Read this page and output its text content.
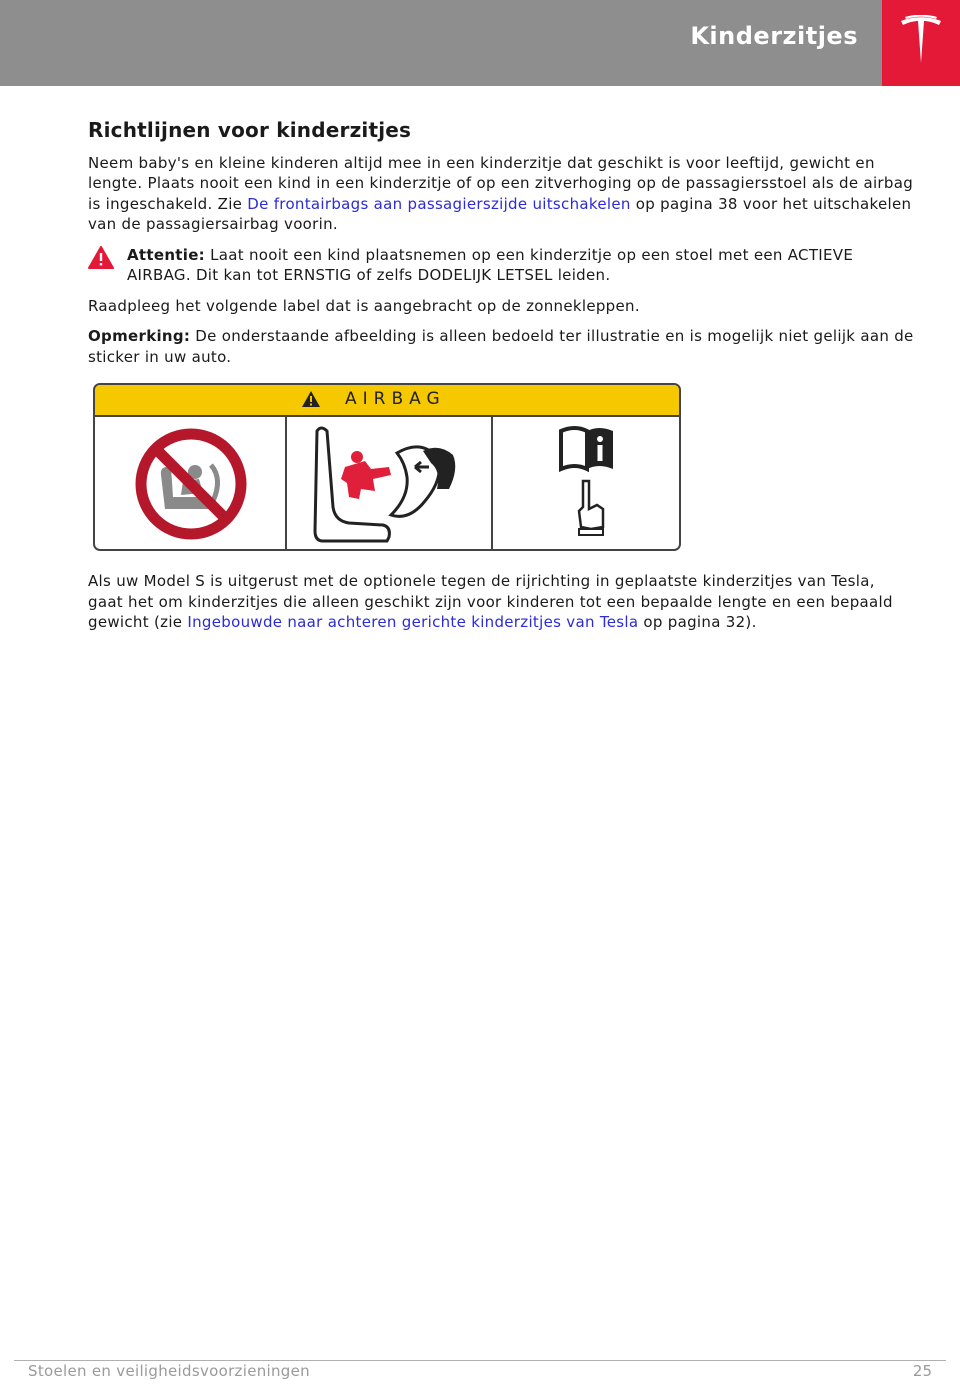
Kinderzitjes
Richtlijnen voor kinderzitjes

Neem baby's en kleine kinderen altijd mee in een kinderzitje dat geschikt is voor leeftijd, gewicht en lengte. Plaats nooit een kind in een kinderzitje of op een zitverhoging op de passagiersstoel als de airbag is ingeschakeld. Zie De frontairbags aan passagierszijde uitschakelen op pagina 38 voor het uitschakelen van de passagiersairbag voorin.

Attentie: Laat nooit een kind plaatsnemen op een kinderzitje op een stoel met een ACTIEVE AIRBAG. Dit kan tot ERNSTIG of zelfs DODELIJK LETSEL leiden.

Raadpleeg het volgende label dat is aangebracht op de zonnekleppen.

Opmerking: De onderstaande afbeelding is alleen bedoeld ter illustratie en is mogelijk niet gelijk aan de sticker in uw auto.

AIRBAG

Als uw Model S is uitgerust met de optionele tegen de rijrichting in geplaatste kinderzitjes van Tesla, gaat het om kinderzitjes die alleen geschikt zijn voor kinderen tot een bepaalde lengte en een bepaald gewicht (zie Ingebouwde naar achteren gerichte kinderzitjes van Tesla op pagina 32).

Stoelen en veiligheidsvoorzieningen	25
